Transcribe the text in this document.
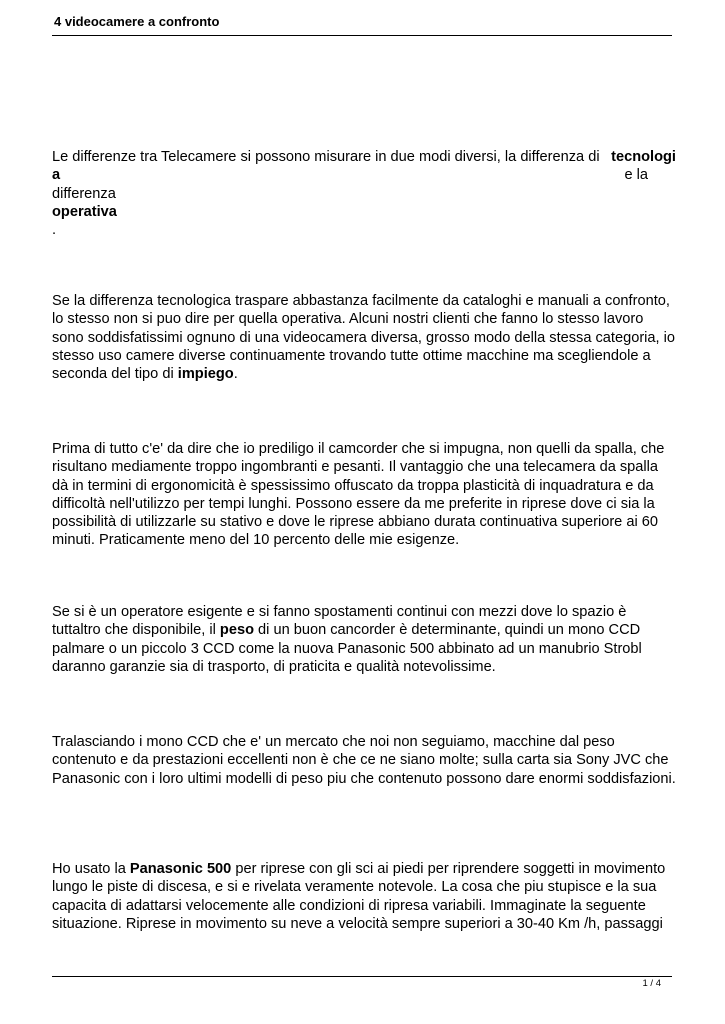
4 videocamere a confronto
Le differenze tra Telecamere si possono misurare in due modi diversi, la differenza di tecnologi
a	e la
differenza
operativa
.

Se la differenza tecnologica traspare abbastanza facilmente da cataloghi e manuali a confronto, lo stesso non si puo dire per quella operativa. Alcuni nostri clienti che fanno lo stesso lavoro sono soddisfatissimi ognuno di una videocamera diversa, grosso modo della stessa categoria, io stesso uso camere diverse continuamente trovando tutte ottime macchine ma scegliendole a seconda del tipo di impiego.

Prima di tutto c'e' da dire che io prediligo il camcorder che si impugna, non quelli da spalla, che risultano mediamente troppo ingombranti e pesanti. Il vantaggio che una telecamera da spalla dà in termini di ergonomicità è spessissimo offuscato da troppa plasticità di inquadratura e da difficoltà nell'utilizzo per tempi lunghi. Possono essere da me preferite in riprese dove ci sia la possibilità di utilizzarle su stativo e dove le riprese abbiano durata continuativa superiore ai 60 minuti. Praticamente meno del 10 percento delle mie esigenze.

Se si è un operatore esigente e si fanno spostamenti continui con mezzi dove lo spazio è tuttaltro che disponibile, il peso di un buon cancorder è determinante, quindi un mono CCD palmare o un piccolo 3 CCD come la nuova Panasonic 500 abbinato ad un manubrio Strobl daranno garanzie sia di trasporto, di praticita e qualità notevolissime.

Tralasciando i mono CCD che e' un mercato che noi non seguiamo, macchine dal peso contenuto e da prestazioni eccellenti non è che ce ne siano molte; sulla carta sia Sony JVC che Panasonic con i loro ultimi modelli di peso piu che contenuto possono dare enormi soddisfazioni.

Ho usato la Panasonic 500 per riprese con gli sci ai piedi per riprendere soggetti in movimento lungo le piste di discesa, e si e rivelata veramente notevole. La cosa che piu stupisce e la sua capacita di adattarsi velocemente alle condizioni di ripresa variabili. Immaginate la seguente situazione. Riprese in movimento su neve a velocità sempre superiori a 30-40 Km /h, passaggi

1 / 4
